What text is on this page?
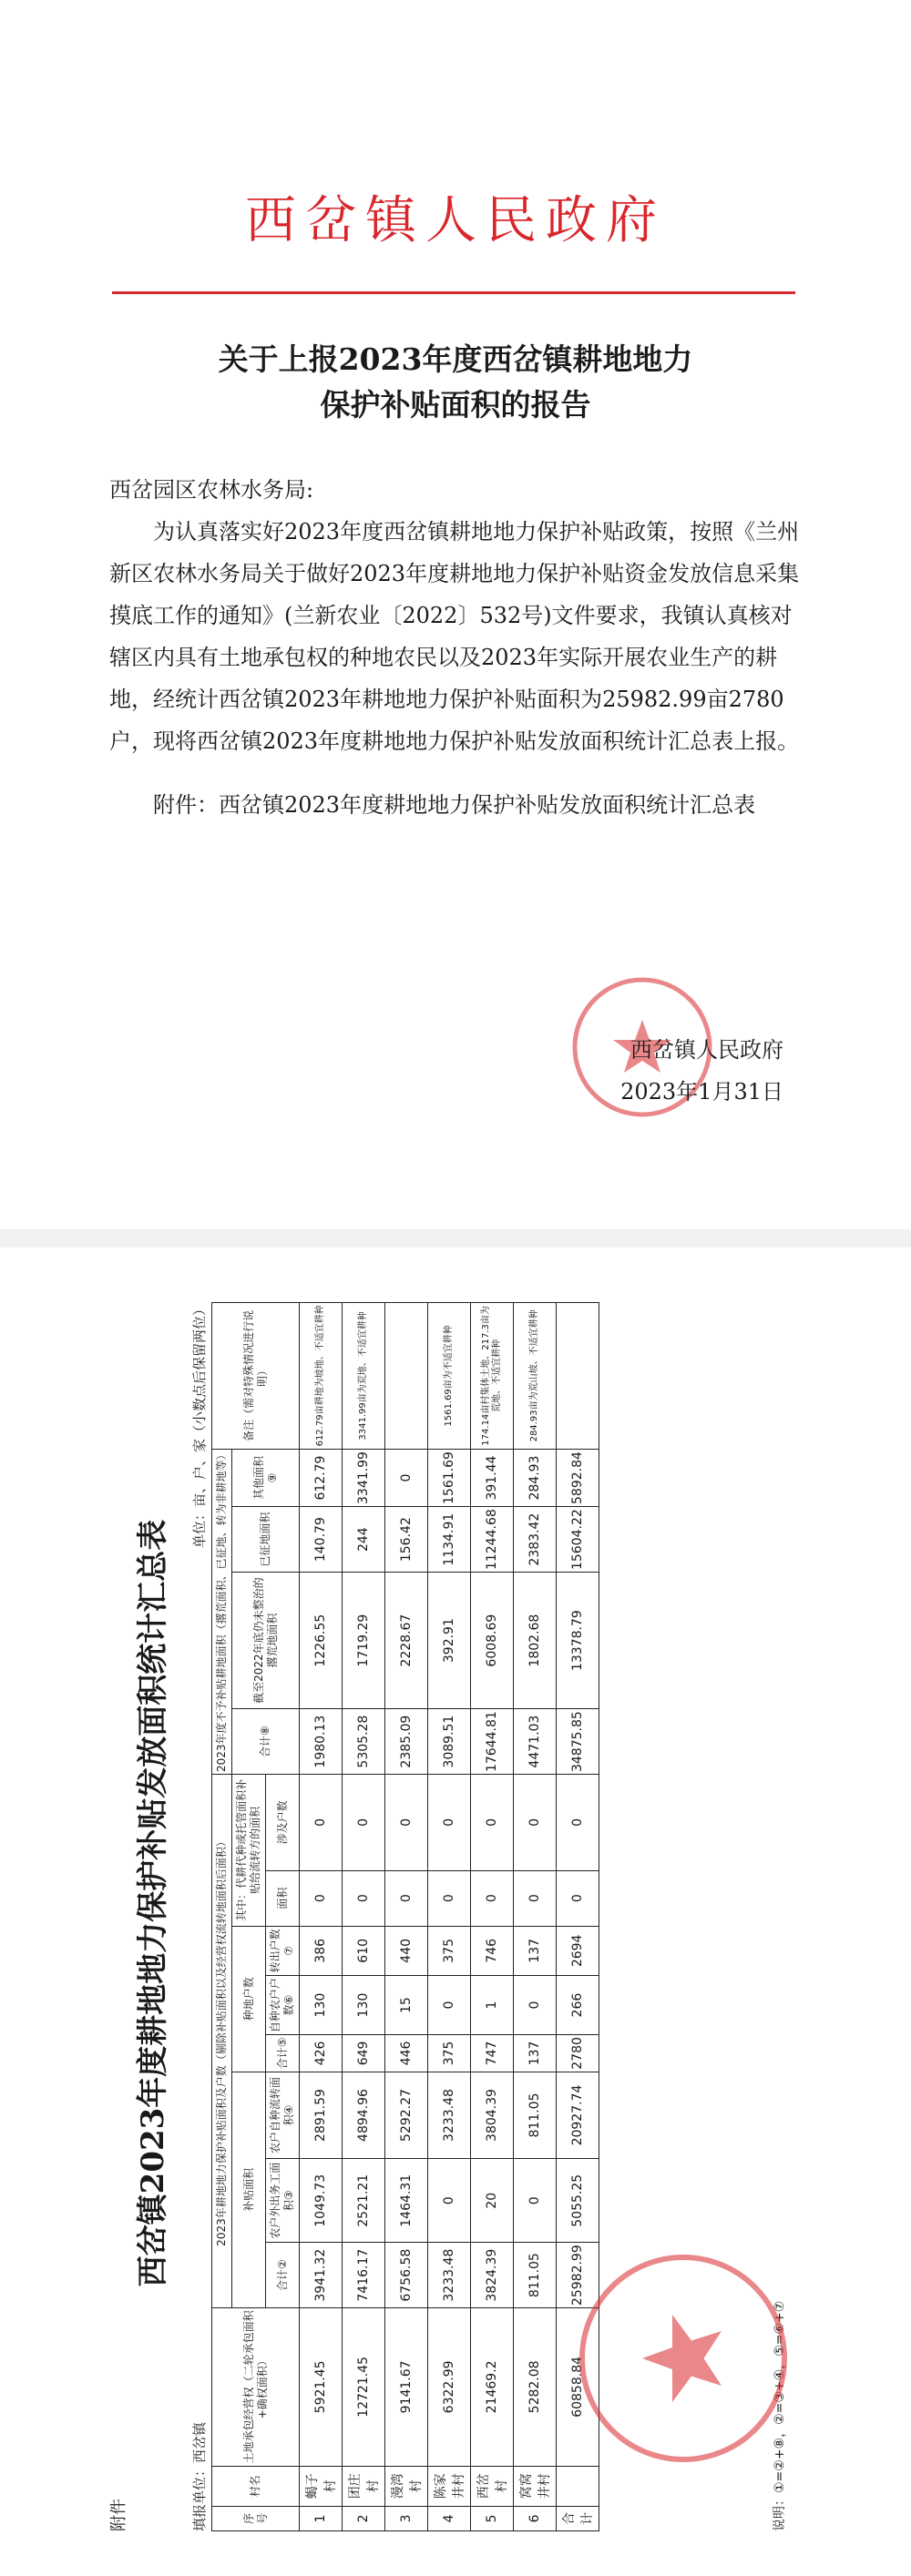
西岔镇人民政府
关于上报2023年度西岔镇耕地地力
保护补贴面积的报告

西岔园区农林水务局:

为认真落实好2023年度西岔镇耕地地力保护补贴政策，按照《兰州新区农林水务局关于做好2023年度耕地地力保护补贴资金发放信息采集摸底工作的通知》(兰新农业〔2022〕532号)文件要求，我镇认真核对辖区内具有土地承包权的种地农民以及2023年实际开展农业生产的耕地，经统计西岔镇2023年耕地地力保护补贴面积为25982.99亩2780户，现将西岔镇2023年度耕地地力保护补贴发放面积统计汇总表上报。

附件：西岔镇2023年度耕地地力保护补贴发放面积统计汇总表

西岔镇人民政府
2023年1月31日
附件
西岔镇2023年度耕地地力保护补贴发放面积统计汇总表
填报单位：西岔镇
单位：亩、户、家（小数点后保留两位）
序号	村名	土地承包经营权（二轮承包面积+确权面积）	2023年耕地地力保护补贴面积及户数（剔除补贴面积以及经营权流转地面积后面积）								2023年度不予补贴耕地面积（撂荒面积、已征地、转为非耕地等）				备注（需对特殊情况进行说明）
			补贴面积			种地户数			其中：代耕代种或托管面积补贴给流转方的面积		合计⑧	截至2022年底仍未整治的撂荒地面积	已征地面积	其他面积⑨	
			合计②	农户外出务工面积③	农户自种流转面积④	合计⑤	自种农户户数⑥	转出户数⑦	面积	涉及户数					
1	蝎子村	5921.45	3941.32	1049.73	2891.59	426	130	386	0	0	1980.13	1226.55	140.79	612.79	612.79亩耕地为坡地、不适宜耕种
2	团庄村	12721.45	7416.17	2521.21	4894.96	649	130	610	0	0	5305.28	1719.29	244	3341.99	3341.99亩为荒地、不适宜耕种
3	漫湾村	9141.67	6756.58	1464.31	5292.27	446	15	440	0	0	2385.09	2228.67	156.42	0	
4	陈家井村	6322.99	3233.48	0	3233.48	375	0	375	0	0	3089.51	392.91	1134.91	1561.69	1561.69亩为不适宜耕种
5	西岔村	21469.2	3824.39	20	3804.39	747	1	746	0	0	17644.81	6008.69	11244.68	391.44	174.14亩村集体土地、217.3亩为荒地、不适宜耕种
6	窝窝井村	5282.08	811.05	0	811.05	137	0	137	0	0	4471.03	1802.68	2383.42	284.93	284.93亩为荒山坡、不适宜耕种
合计		60858.84	25982.99	5055.25	20927.74	2780	266	2694	0	0	34875.85	13378.79	15604.22	5892.84	
说明：①=②+⑧，②=③+④，⑤=⑥+⑦
